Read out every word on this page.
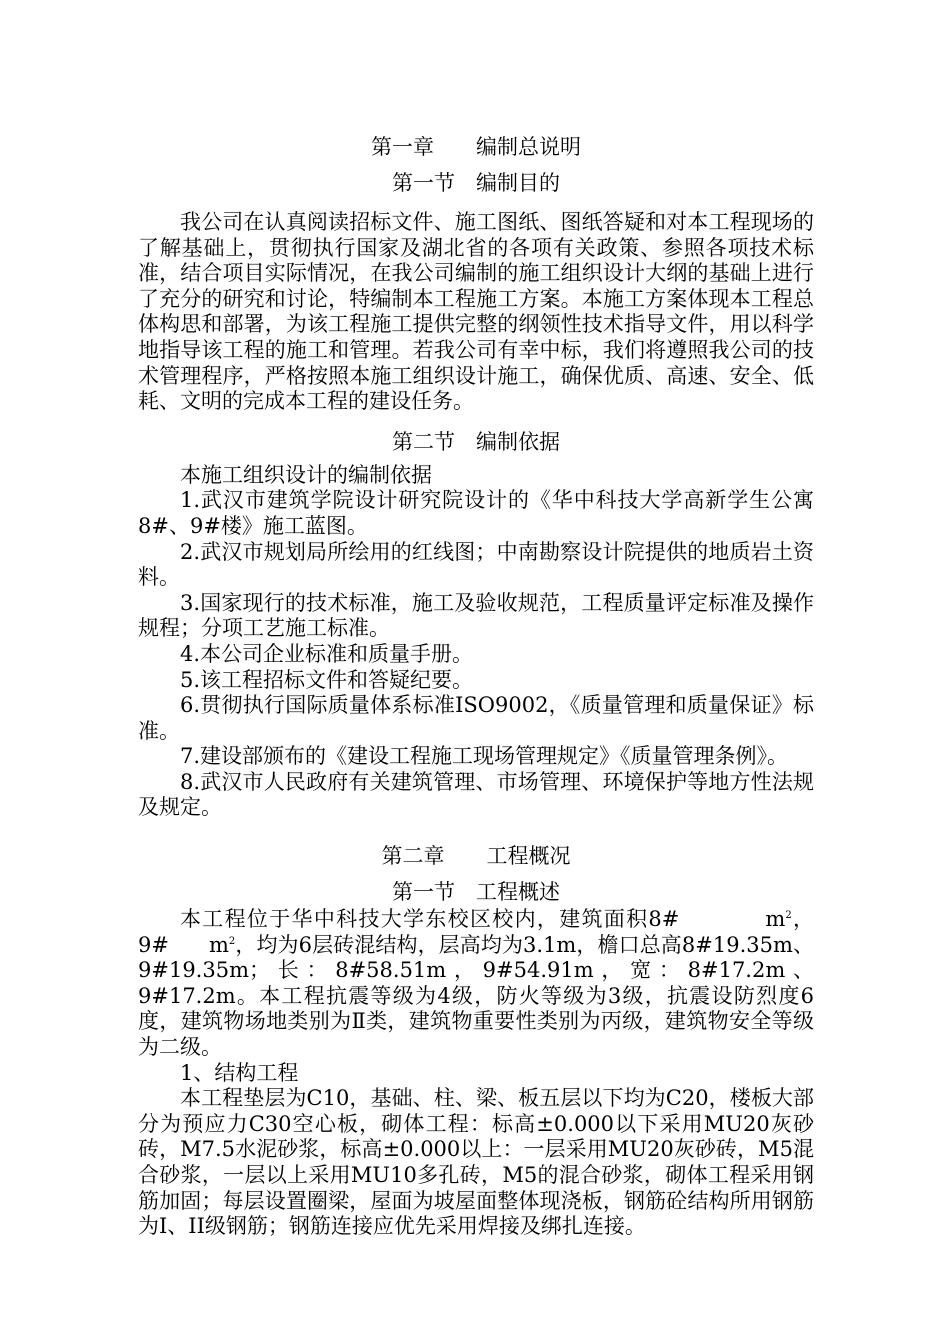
第一章　　编制总说明
第一节　编制目的

我公司在认真阅读招标文件、施工图纸、图纸答疑和对本工程现场的了解基础上，贯彻执行国家及湖北省的各项有关政策、参照各项技术标准，结合项目实际情况，在我公司编制的施工组织设计大纲的基础上进行了充分的研究和讨论，特编制本工程施工方案。本施工方案体现本工程总体构思和部署，为该工程施工提供完整的纲领性技术指导文件，用以科学地指导该工程的施工和管理。若我公司有幸中标，我们将遵照我公司的技术管理程序，严格按照本施工组织设计施工，确保优质、高速、安全、低耗、文明的完成本工程的建设任务。

第二节　编制依据

本施工组织设计的编制依据

1.武汉市建筑学院设计研究院设计的《华中科技大学高新学生公寓8#、9#楼》施工蓝图。

2.武汉市规划局所绘用的红线图；中南勘察设计院提供的地质岩土资料。

3.国家现行的技术标准，施工及验收规范，工程质量评定标准及操作规程；分项工艺施工标准。

4.本公司企业标准和质量手册。

5.该工程招标文件和答疑纪要。

6.贯彻执行国际质量体系标准ISO9002，《质量管理和质量保证》标准。

7.建设部颁布的《建设工程施工现场管理规定》《质量管理条例》。

8.武汉市人民政府有关建筑管理、市场管理、环境保护等地方性法规及规定。

第二章　　工程概况
第一节　工程概述

本工程位于华中科技大学东校区校内，建筑面积8#	$m^2$，9# $m^2$，均为6层砖混结构，层高均为3.1m，檐口总高8#19.35m、9#19.35m；长：8#58.51m，9#54.91m，宽：8#17.2m、9#17.2m。本工程抗震等级为4级，防火等级为3级，抗震设防烈度6度，建筑物场地类别为Ⅱ类，建筑物重要性类别为丙级，建筑物安全等级为二级。

1、结构工程

本工程垫层为C10，基础、柱、梁、板五层以下均为C20，楼板大部分为预应力C30空心板，砌体工程：标高±0.000以下采用MU20灰砂砖，M7.5水泥砂浆，标高±0.000以上：一层采用MU20灰砂砖，M5混合砂浆，一层以上采用MU10多孔砖，M5的混合砂浆，砌体工程采用钢筋加固；每层设置圈梁，屋面为坡屋面整体现浇板，钢筋砼结构所用钢筋为I、II级钢筋；钢筋连接应优先采用焊接及绑扎连接。
